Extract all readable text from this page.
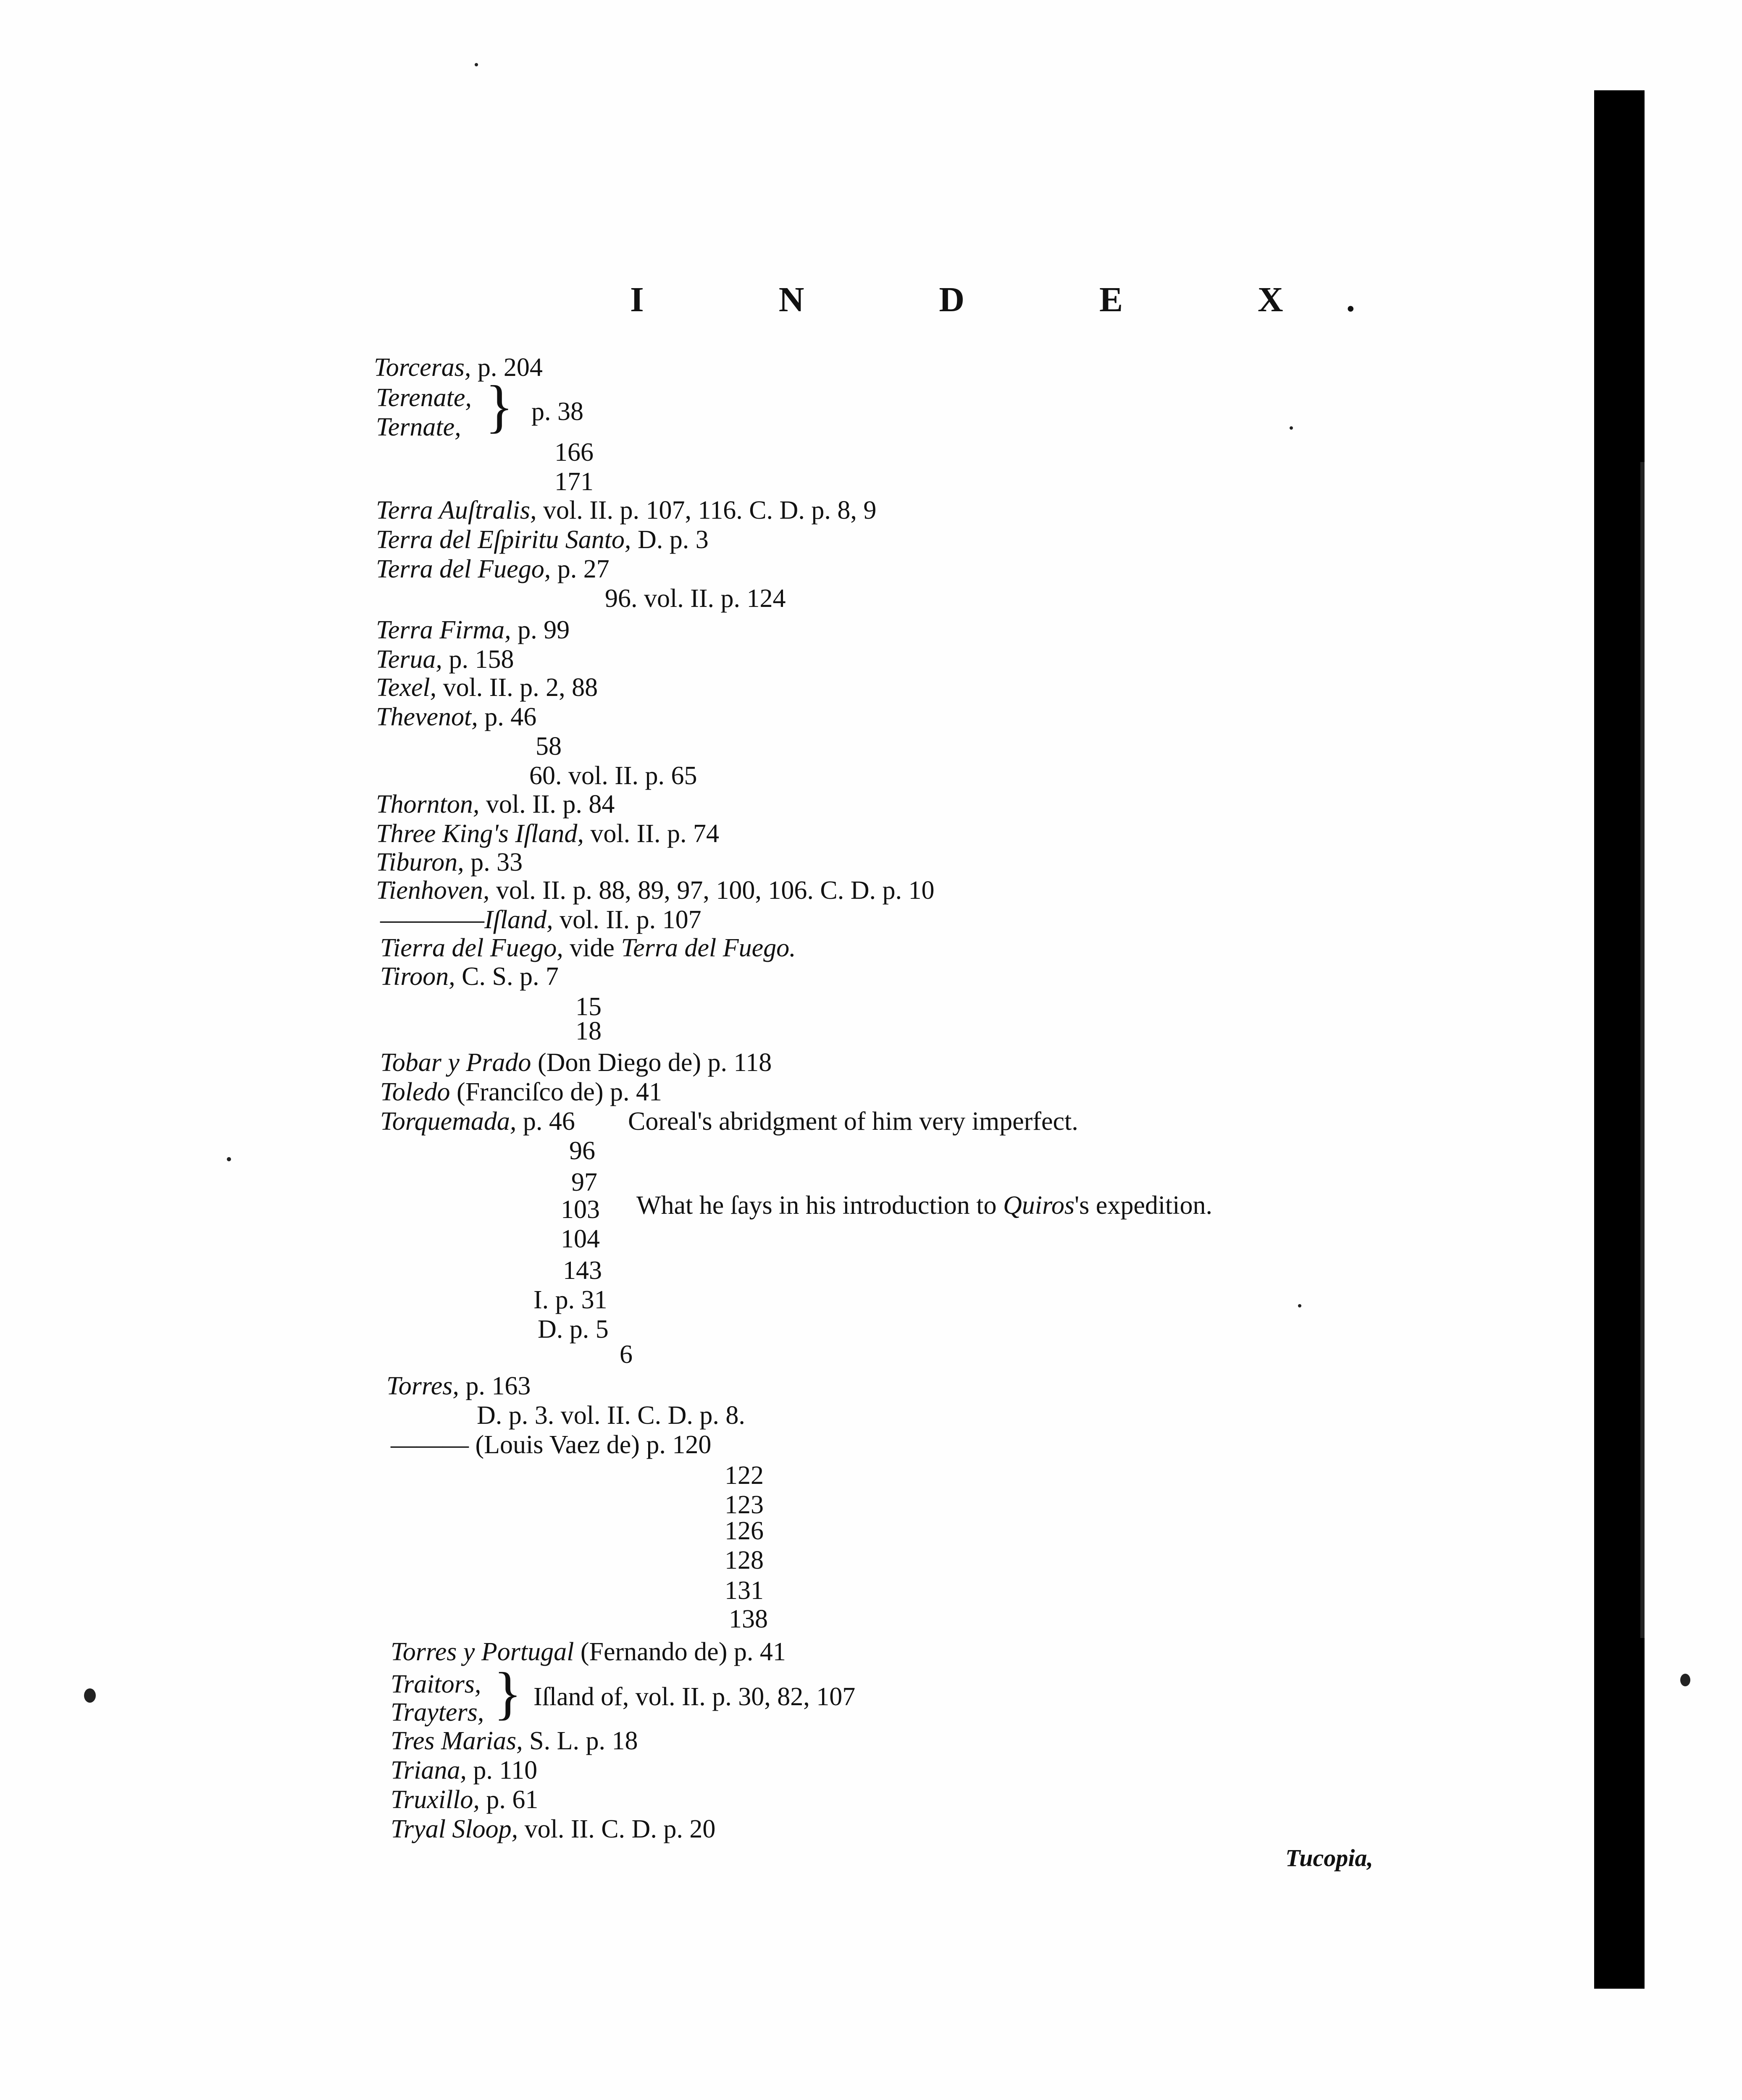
I N D E X.
Torceras, p. 204
Terenate,
Ternate, } p. 38
166
171
Terra Auſtralis, vol. II. p. 107, 116. C. D. p. 8, 9
Terra del Eſpiritu Santo, D. p. 3
Terra del Fuego, p. 27
96. vol. II. p. 124
Terra Firma, p. 99
Terua, p. 158
Texel, vol. II. p. 2, 88
Thevenot, p. 46
58
60. vol. II. p. 65
Thornton, vol. II. p. 84
Three King's Iſland, vol. II. p. 74
Tiburon, p. 33
Tienhoven, vol. II. p. 88, 89, 97, 100, 106. C. D. p. 10
————Iſland, vol. II. p. 107
Tierra del Fuego, vide Terra del Fuego.
Tiroon, C. S. p. 7
15
18
Tobar y Prado (Don Diego de) p. 118
Toledo (Franciſco de) p. 41
Torquemada, p. 46 Coreal's abridgment of him very imperfect.
96
97
103 What he ſays in his introduction to Quiros's expedition.
104
143
I. p. 31
D. p. 5
6
Torres, p. 163
D. p. 3. vol. II. C. D. p. 8.
——— (Louis Vaez de) p. 120
122
123
126
128
131
138
Torres y Portugal (Fernando de) p. 41
Traitors,
Trayters, } Iſland of, vol. II. p. 30, 82, 107
Tres Marias, S. L. p. 18
Triana, p. 110
Truxillo, p. 61
Tryal Sloop, vol. II. C. D. p. 20
Tucopia,
